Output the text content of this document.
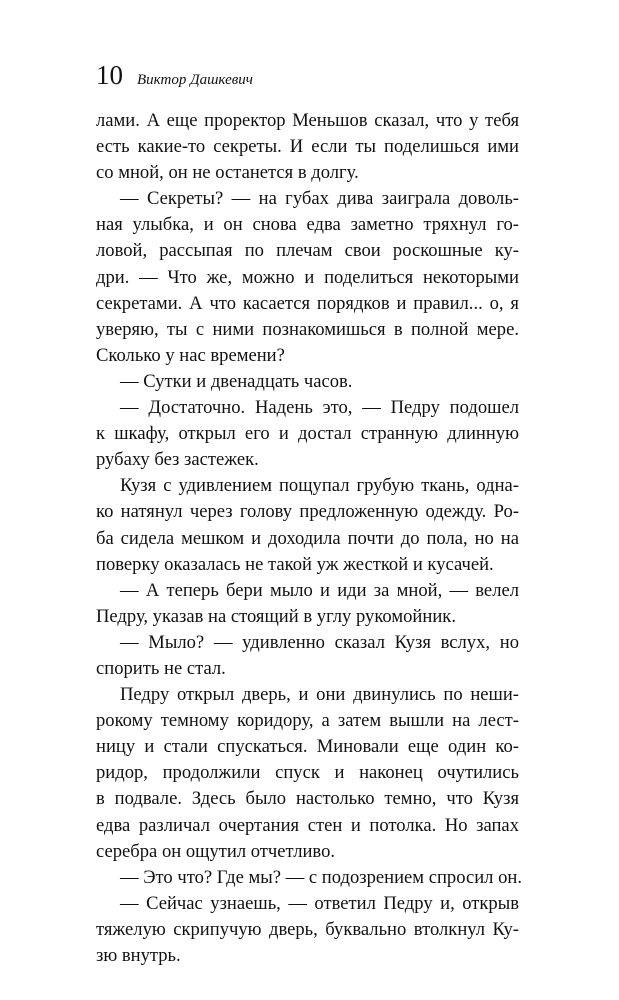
10 Виктор Дашкевич
лами. А еще проректор Меньшов сказал, что у тебя
есть какие-то секреты. И если ты поделишься ими
со мной, он не останется в долгу.
— Секреты? — на губах дива заиграла доволь-
ная улыбка, и он снова едва заметно тряхнул го-
ловой, рассыпая по плечам свои роскошные ку-
дри. — Что же, можно и поделиться некоторыми
секретами. А что касается порядков и правил... о, я
уверяю, ты с ними познакомишься в полной мере.
Сколько у нас времени?
— Сутки и двенадцать часов.
— Достаточно. Надень это, — Педру подошел
к шкафу, открыл его и достал странную длинную
рубаху без застежек.
Кузя с удивлением пощупал грубую ткань, одна-
ко натянул через голову предложенную одежду. Ро-
ба сидела мешком и доходила почти до пола, но на
поверку оказалась не такой уж жесткой и кусачей.
— А теперь бери мыло и иди за мной, — велел
Педру, указав на стоящий в углу рукомойник.
— Мыло? — удивленно сказал Кузя вслух, но
спорить не стал.
Педру открыл дверь, и они двинулись по неши-
рокому темному коридору, а затем вышли на лест-
ницу и стали спускаться. Миновали еще один ко-
ридор, продолжили спуск и наконец очутились
в подвале. Здесь было настолько темно, что Кузя
едва различал очертания стен и потолка. Но запах
серебра он ощутил отчетливо.
— Это что? Где мы? — с подозрением спросил он.
— Сейчас узнаешь, — ответил Педру и, открыв
тяжелую скрипучую дверь, буквально втолкнул Ку-
зю внутрь.
